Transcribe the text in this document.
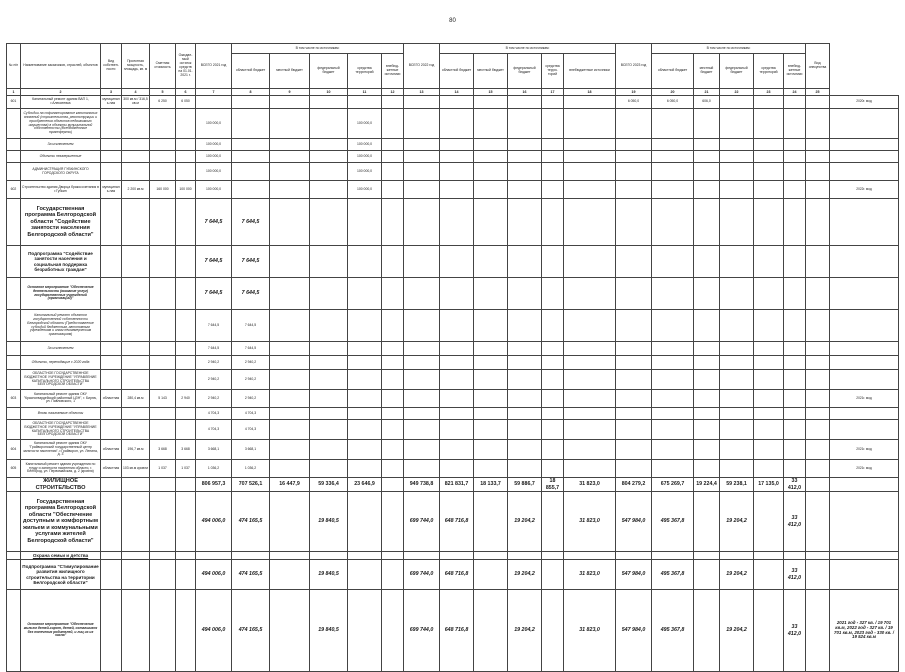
80
№ п/п	Наименование заказчиков, отраслей, объектов	Вид собствен-ности	Проектная мощность, площадь, кв. м	Сметная стоимость	Ожидае-мый остаток средств на 01.01. 2021 г.	ВСЕГО 2021 год	В том числе по источникам:					ВСЕГО 2022 год	В том числе по источникам:					ВСЕГО 2023 год	В том числе по источникам:					Вид опекунства	
							областной бюджет	местный бюджет	федеральный бюджет	средства территорий	внебюд-жетные источники		областной бюджет	местный бюджет	федеральный бюджет	средства терри-торий	внебюджетные источники		областной бюджет	местный бюджет	федеральный бюджет	средства территорий	внебюд-жетные источники		
1	2	3	4	5	6	7	8	9	10	11	12	13	14	15	16	17	18	19	20	21	22	23	24	25	
601	Капитальный ремонт здания ВАП 1, г.Алексеевка	муниципаль-ная	300 кв.м / 316,5 кв.м	6 250	6 050													6 050,0	6 050,0	606,0					2020г. мод
	Субсидии на софинансирование капитальных вложений (строительства, реконструкции и приобретения объектов недвижимого имущества) в объекты муниципальной собственности (Всебюджетные трансферты)					100 000,0				100 000,0															
	За исключением					100 000,0				100 000,0															
	Объекты незавершенные					100 000,0				100 000,0															
	АДМИНИСТРАЦИЯ ГУБКИНСКОГО ГОРОДСКОГО ОКРУГА					100 000,0				100 000,0															
602	Строительство здания Дворца бракосочетания в г.Губкин	муниципаль-ная	2 200 кв.м	160 000	100 000	100 000,0				100 000,0															2022г. мод
	Государственная программа Белгородской области "Содействие занятости населения Белгородской области"					7 644,5	7 644,5																		
	Подпрограмма "Содействие занятости населения и социальная поддержка безработных граждан"					7 644,5	7 644,5																		
	Основное мероприятие "Обеспечение деятельности (оказание услуг) государственных учреждений (организаций)"					7 644,5	7 644,5																		
	Капитальный ремонт объектов государственной собственности Белгородской области (Предоставление субсидий бюджетным, автономным учреждениям и иным некоммерческим организациям)					7 644,5	7 644,5																		
	За исключением					7 644,5	7 644,5																		
	Объекты, переходящие с 2020 года					2 940,2	2 940,2																		
	ОБЛАСТНОЕ ГОСУДАРСТВЕННОЕ БЮДЖЕТНОЕ УЧРЕЖДЕНИЕ "УПРАВЛЕНИЕ КАПИТАЛЬНОГО СТРОИТЕЛЬСТВА БЕЛГОРОДСКОЙ ОБЛАСТИ"					2 940,2	2 940,2																		
603	Капитальный ремонт здания ОКУ "Красногвардейский районный ЦЗН", г. Бирюч, ул. Павловского, 1	областная	280,4 кв.м	5 143	2 940	2 940,2	2 940,2																		2021г. мод
	Вновь начинаемые объекты					4 704,3	4 704,3																		
	ОБЛАСТНОЕ ГОСУДАРСТВЕННОЕ БЮДЖЕТНОЕ УЧРЕЖДЕНИЕ "УПРАВЛЕНИЕ КАПИТАЛЬНОГО СТРОИТЕЛЬСТВА БЕЛГОРОДСКОЙ ОБЛАСТИ"					4 704,3	4 704,3																		
604	Капитальный ремонт здания ОКУ "Грайворонский государственный центр занятости населения", г.Грайворон, ул. Ленина, д. 3	областная	196,7 кв.м	3 668	3 668	3 668,1	3 668,1																		2021г. мод
605	Капитальный ремонт здания учреждения по труду и занятости населения области, г. Белгород, ул. Первомайская, д. 2 (кровля)	областная	103 кв.м кровли	1 037	1 037	1 036,2	1 036,2																		2021г. мод
	ЖИЛИЩНОЕ СТРОИТЕЛЬСТВО					806 957,3	707 526,1	16 447,9	59 336,4	23 646,9		949 738,8	821 831,7	18 133,7	59 886,7	18 855,7	31 823,0	804 279,2	675 269,7	19 224,4	59 238,1	17 135,0	33 412,0		
	Государственная программа Белгородской области "Обеспечение доступным и комфортным жильем и коммунальными услугами жителей Белгородской области"					494 006,0	474 165,5		19 840,5			699 744,0	648 716,8		19 204,2		31 823,0	547 984,0	495 367,8		19 204,2		33 412,0		
	Охрана семьи и детства																								
	Подпрограмма "Стимулирование развития жилищного строительства на территории Белгородской области"					494 006,0	474 165,5		19 840,5			699 744,0	648 716,8		19 204,2		31 823,0	547 984,0	495 367,8		19 204,2		33 412,0		
	Основное мероприятие "Обеспечение жильем детей-сирот, детей, оставшихся без попечения родителей, и лиц из их числа"					494 006,0	474 165,5		19 840,5			699 744,0	648 716,8		19 204,2		31 823,0	547 984,0	495 367,8		19 204,2		33 412,0		2021 год - 327 кв. / 19 701 кв.м, 2022 год - 327 кв. / 19 701 кв.м, 2023 год - 330 кв. / 19 524 кв.м
